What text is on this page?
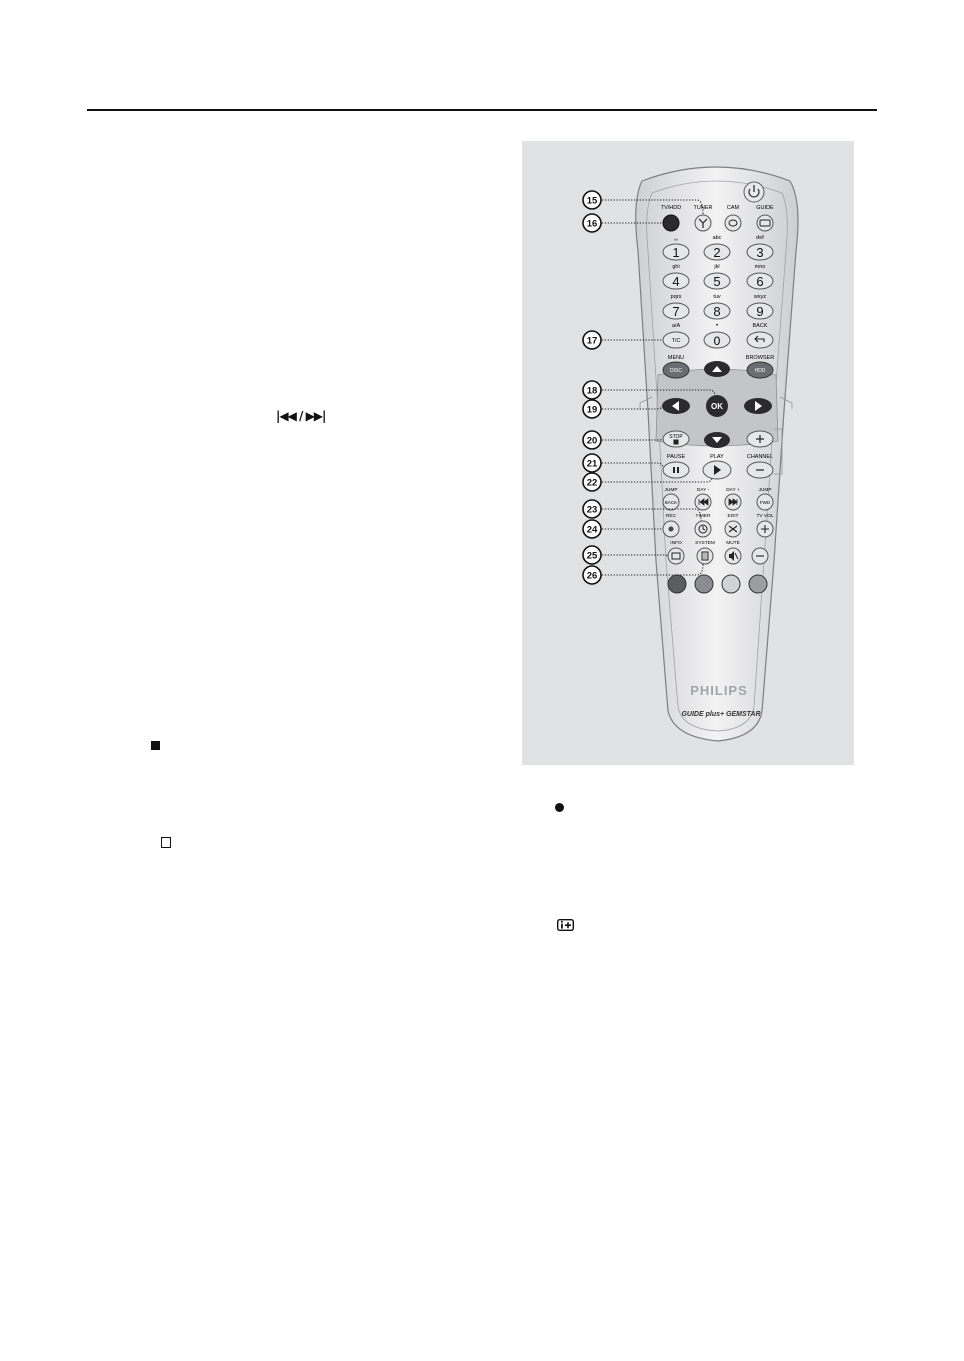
|◀◀ / ▶▶|
TV/HDD TUNER	CAM	GUIDE
␣
1
abc
2
def
3
ghi
4
jkl
5
mno
6
pqrs
7
tuv
8
wxyz
9
a/A	•	BACK
T/C	0
MENU	BROWSER
DISC	HDD
OK
STOP
PAUSE	PLAY	CHANNEL
JUMP	DAY -	DAY +	JUMP
BACK	FWD
REC	TIMER	EDIT	TV VOL
INFO	SYSTEM MUTE
PHILIPS
GUIDE plus+ GEMSTAR
15
16
17
18
19
20
21
22
23
24
25
26
